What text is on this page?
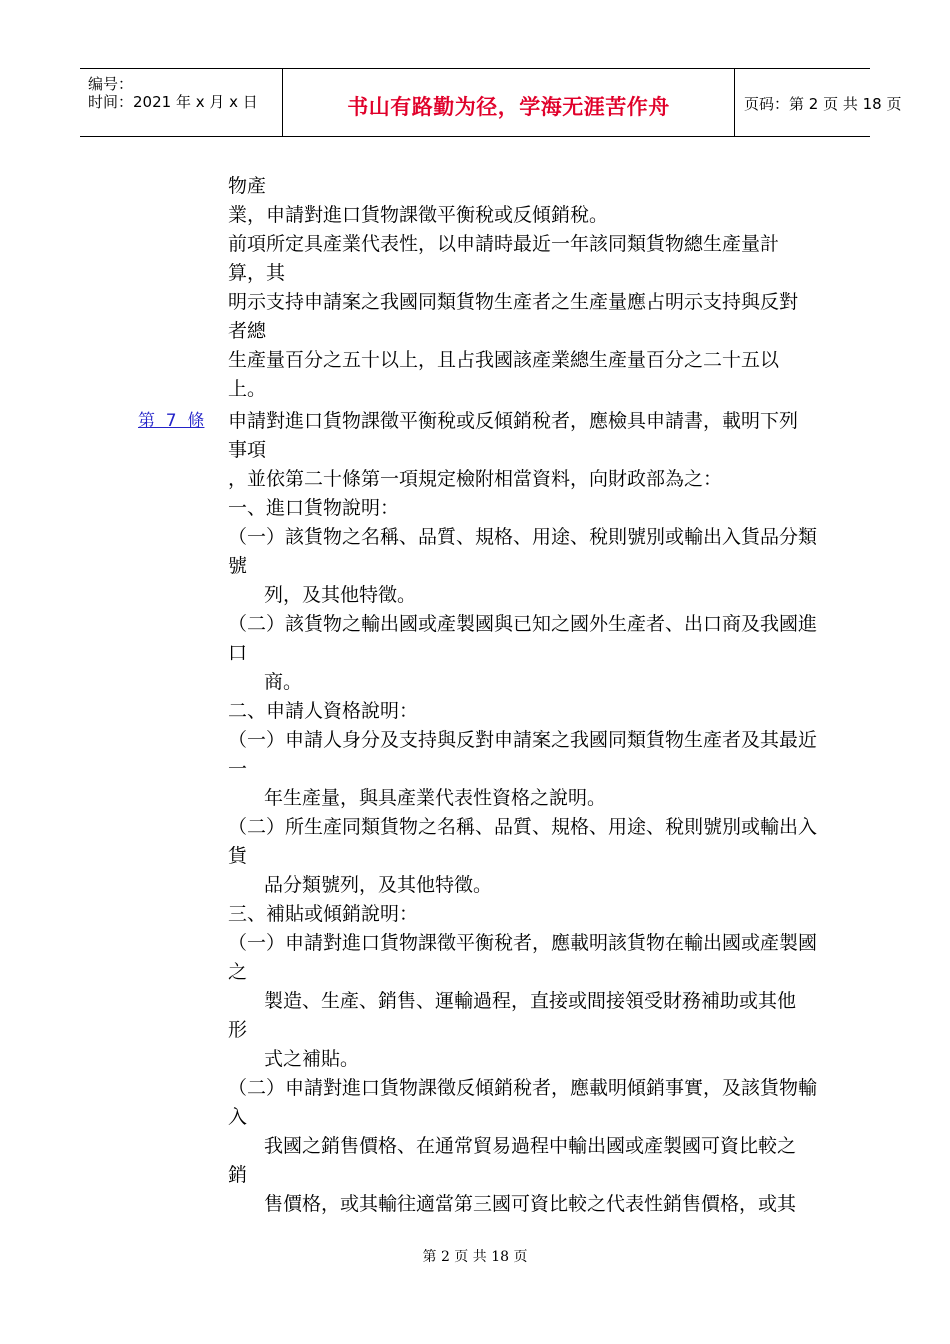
编号：
时间：2021 年 x 月 x 日	书山有路勤为径，学海无涯苦作舟	页码：第 2 页 共 18 页
第  7  條
物產
業，申請對進口貨物課徵平衡稅或反傾銷稅。
前項所定具產業代表性，以申請時最近一年該同類貨物總生產量計
算，其
明示支持申請案之我國同類貨物生產者之生產量應占明示支持與反對
者總
生產量百分之五十以上，且占我國該產業總生產量百分之二十五以
上。
申請對進口貨物課徵平衡稅或反傾銷稅者，應檢具申請書，載明下列
事項
，並依第二十條第一項規定檢附相當資料，向財政部為之：
一、進口貨物說明：
（一）該貨物之名稱、品質、規格、用途、稅則號別或輸出入貨品分類
號
列，及其他特徵。
（二）該貨物之輸出國或產製國與已知之國外生產者、出口商及我國進
口
商。
二、申請人資格說明：
（一）申請人身分及支持與反對申請案之我國同類貨物生產者及其最近
一
年生產量，與具產業代表性資格之說明。
（二）所生產同類貨物之名稱、品質、規格、用途、稅則號別或輸出入
貨
品分類號列，及其他特徵。
三、補貼或傾銷說明：
（一）申請對進口貨物課徵平衡稅者，應載明該貨物在輸出國或產製國
之
製造、生產、銷售、運輸過程，直接或間接領受財務補助或其他
形
式之補貼。
（二）申請對進口貨物課徵反傾銷稅者，應載明傾銷事實，及該貨物輸
入
我國之銷售價格、在通常貿易過程中輸出國或產製國可資比較之
銷
售價格，或其輸往適當第三國可資比較之代表性銷售價格，或其
第 2 页 共 18 页
